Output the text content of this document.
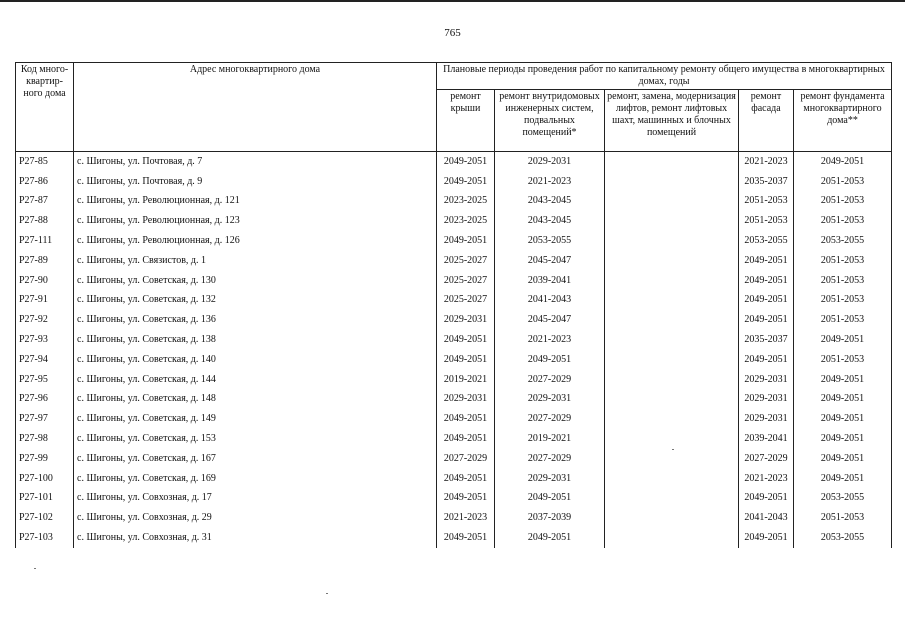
765
Код много-
квартир-
ного дома	Адрес многоквартирного дома	Плановые периоды проведения работ по капитальному ремонту общего имущества в многоквартирных домах, годы				
		ремонт крыши	ремонт внутридомовых инженерных систем, подвальных помещений*	ремонт, замена, модернизация лифтов, ремонт лифтовых шахт, машинных и блочных помещений	ремонт фасада	ремонт фундамента многоквартирного дома**
Р27-85	с. Шигоны, ул. Почтовая, д. 7	2049-2051	2029-2031		2021-2023	2049-2051
Р27-86	с. Шигоны, ул. Почтовая, д. 9	2049-2051	2021-2023		2035-2037	2051-2053
Р27-87	с. Шигоны, ул. Революционная, д. 121	2023-2025	2043-2045		2051-2053	2051-2053
Р27-88	с. Шигоны, ул. Революционная, д. 123	2023-2025	2043-2045		2051-2053	2051-2053
Р27-111	с. Шигоны, ул. Революционная, д. 126	2049-2051	2053-2055		2053-2055	2053-2055
Р27-89	с. Шигоны, ул. Связистов, д. 1	2025-2027	2045-2047		2049-2051	2051-2053
Р27-90	с. Шигоны, ул. Советская, д. 130	2025-2027	2039-2041		2049-2051	2051-2053
Р27-91	с. Шигоны, ул. Советская, д. 132	2025-2027	2041-2043		2049-2051	2051-2053
Р27-92	с. Шигоны, ул. Советская, д. 136	2029-2031	2045-2047		2049-2051	2051-2053
Р27-93	с. Шигоны, ул. Советская, д. 138	2049-2051	2021-2023		2035-2037	2049-2051
Р27-94	с. Шигоны, ул. Советская, д. 140	2049-2051	2049-2051		2049-2051	2051-2053
Р27-95	с. Шигоны, ул. Советская, д. 144	2019-2021	2027-2029		2029-2031	2049-2051
Р27-96	с. Шигоны, ул. Советская, д. 148	2029-2031	2029-2031		2029-2031	2049-2051
Р27-97	с. Шигоны, ул. Советская, д. 149	2049-2051	2027-2029		2029-2031	2049-2051
Р27-98	с. Шигоны, ул. Советская, д. 153	2049-2051	2019-2021		2039-2041	2049-2051
Р27-99	с. Шигоны, ул. Советская, д. 167	2027-2029	2027-2029		2027-2029	2049-2051
Р27-100	с. Шигоны, ул. Советская, д. 169	2049-2051	2029-2031		2021-2023	2049-2051
Р27-101	с. Шигоны, ул. Совхозная, д. 17	2049-2051	2049-2051		2049-2051	2053-2055
Р27-102	с. Шигоны, ул. Совхозная, д. 29	2021-2023	2037-2039		2041-2043	2051-2053
Р27-103	с. Шигоны, ул. Совхозная, д. 31	2049-2051	2049-2051		2049-2051	2053-2055
